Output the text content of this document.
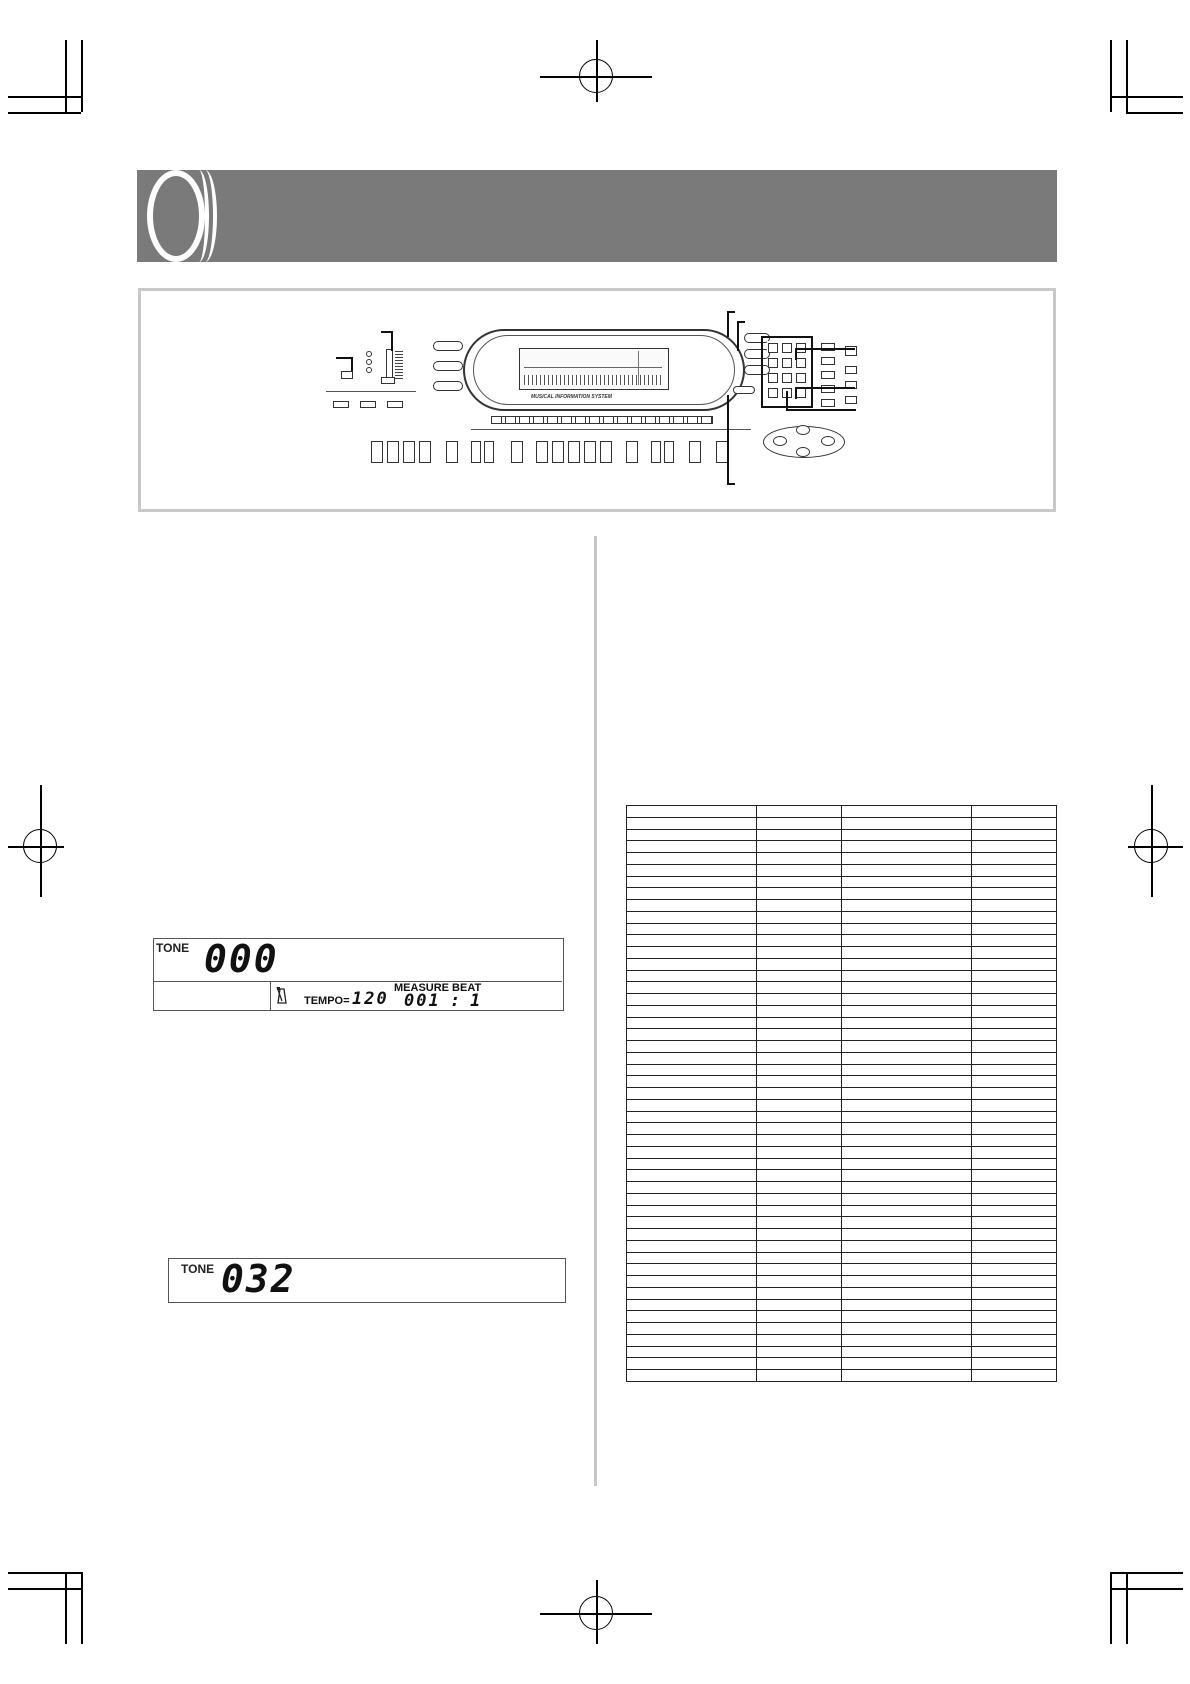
MUSICAL INFORMATION SYSTEM
TONE 000
TEMPO= 120
MEASURE BEAT
001 : 1
TONE 032
